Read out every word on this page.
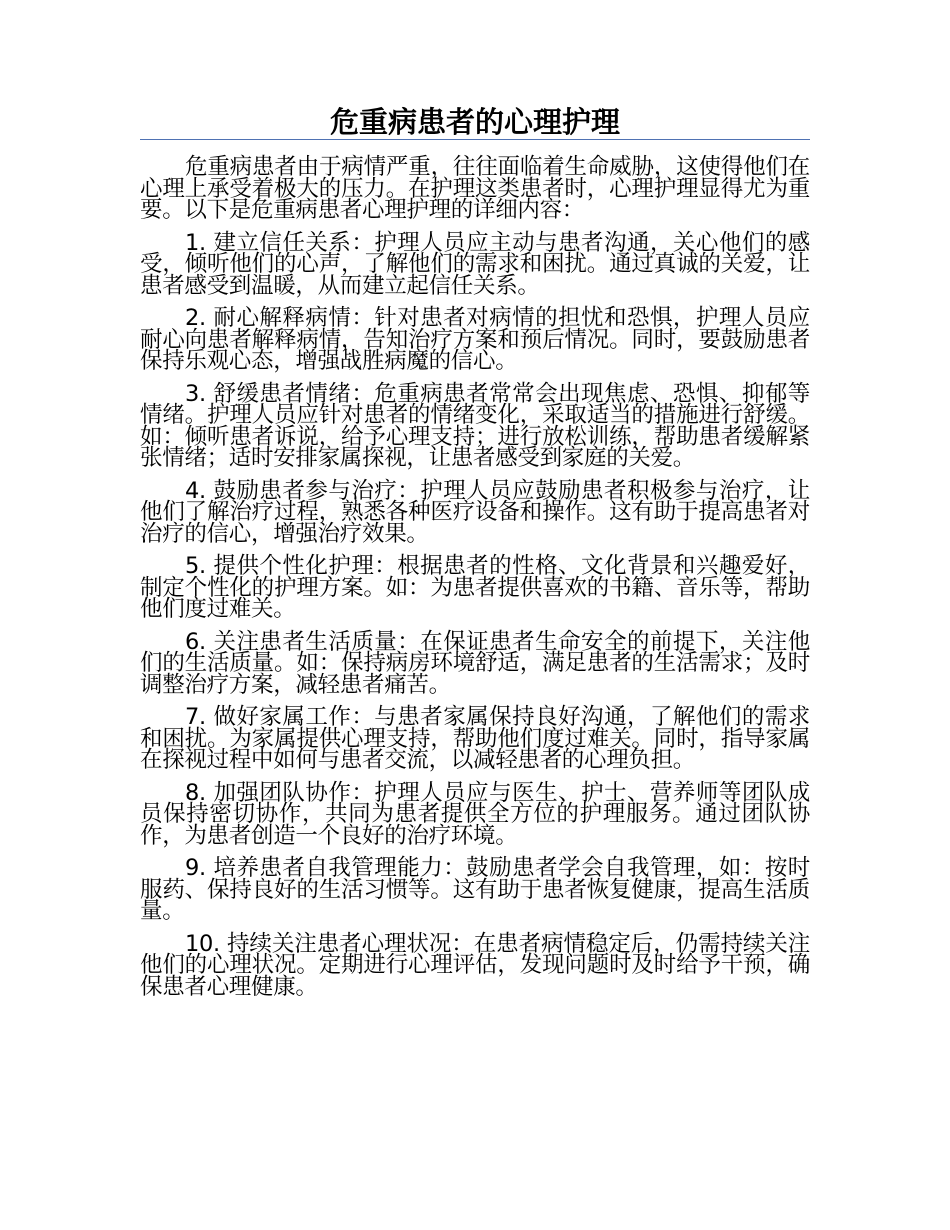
危重病患者的心理护理

危重病患者由于病情严重，往往面临着生命威胁，这使得他们在心理上承受着极大的压力。在护理这类患者时，心理护理显得尤为重要。以下是危重病患者心理护理的详细内容：

1. 建立信任关系：护理人员应主动与患者沟通，关心他们的感受，倾听他们的心声，了解他们的需求和困扰。通过真诚的关爱，让患者感受到温暖，从而建立起信任关系。

2. 耐心解释病情：针对患者对病情的担忧和恐惧，护理人员应耐心向患者解释病情，告知治疗方案和预后情况。同时，要鼓励患者保持乐观心态，增强战胜病魔的信心。

3. 舒缓患者情绪：危重病患者常常会出现焦虑、恐惧、抑郁等情绪。护理人员应针对患者的情绪变化，采取适当的措施进行舒缓。如：倾听患者诉说，给予心理支持；进行放松训练，帮助患者缓解紧张情绪；适时安排家属探视，让患者感受到家庭的关爱。

4. 鼓励患者参与治疗：护理人员应鼓励患者积极参与治疗，让他们了解治疗过程，熟悉各种医疗设备和操作。这有助于提高患者对治疗的信心，增强治疗效果。

5. 提供个性化护理：根据患者的性格、文化背景和兴趣爱好，制定个性化的护理方案。如：为患者提供喜欢的书籍、音乐等，帮助他们度过难关。

6. 关注患者生活质量：在保证患者生命安全的前提下，关注他们的生活质量。如：保持病房环境舒适，满足患者的生活需求；及时调整治疗方案，减轻患者痛苦。

7. 做好家属工作：与患者家属保持良好沟通，了解他们的需求和困扰。为家属提供心理支持，帮助他们度过难关。同时，指导家属在探视过程中如何与患者交流，以减轻患者的心理负担。

8. 加强团队协作：护理人员应与医生、护士、营养师等团队成员保持密切协作，共同为患者提供全方位的护理服务。通过团队协作，为患者创造一个良好的治疗环境。

9. 培养患者自我管理能力：鼓励患者学会自我管理，如：按时服药、保持良好的生活习惯等。这有助于患者恢复健康，提高生活质量。

10. 持续关注患者心理状况：在患者病情稳定后，仍需持续关注他们的心理状况。定期进行心理评估，发现问题时及时给予干预，确保患者心理健康。
